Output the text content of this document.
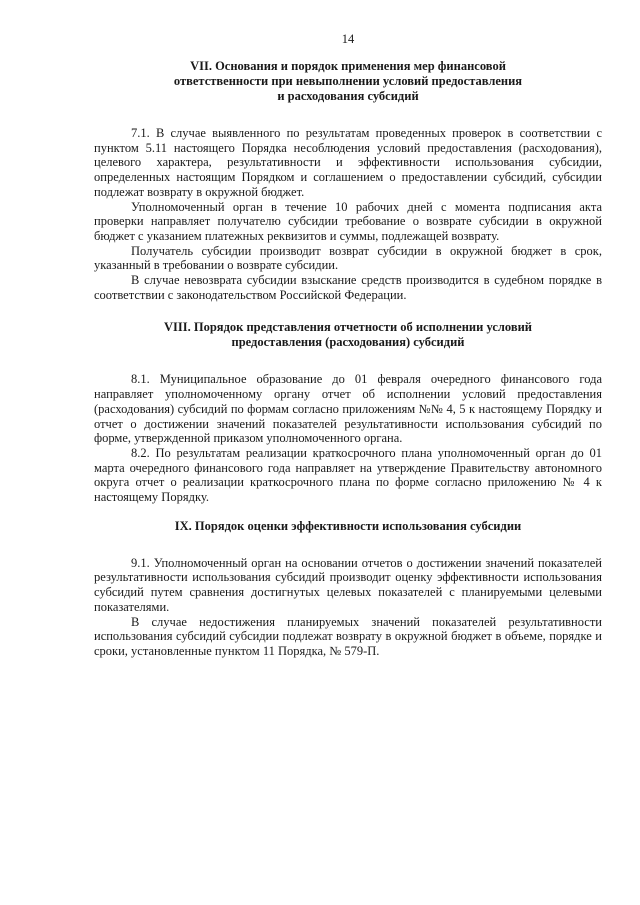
14
VII. Основания и порядок применения мер финансовой
ответственности при невыполнении условий предоставления
и расходования субсидий

7.1. В случае выявленного по результатам проведенных проверок в соответствии с пунктом 5.11 настоящего Порядка несоблюдения условий предоставления (расходования), целевого характера, результативности и эффективности использования субсидии, определенных настоящим Порядком и соглашением о предоставлении субсидий, субсидии подлежат возврату в окружной бюджет.

Уполномоченный орган в течение 10 рабочих дней с момента подписания акта проверки направляет получателю субсидии требование о возврате субсидии в окружной бюджет с указанием платежных реквизитов и суммы, подлежащей возврату.

Получатель субсидии производит возврат субсидии в окружной бюджет в срок, указанный в требовании о возврате субсидии.

В случае невозврата субсидии взыскание средств производится в судебном порядке в соответствии с законодательством Российской Федерации.

VIII. Порядок представления отчетности об исполнении условий
предоставления (расходования) субсидий

8.1. Муниципальное образование до 01 февраля очередного финансового года направляет уполномоченному органу отчет об исполнении условий предоставления (расходования) субсидий по формам согласно приложениям №№ 4, 5 к настоящему Порядку и отчет о достижении значений показателей результативности использования субсидий по форме, утвержденной приказом уполномоченного органа.

8.2. По результатам реализации краткосрочного плана уполномоченный орган до 01 марта очередного финансового года направляет на утверждение Правительству автономного округа отчет о реализации краткосрочного плана по форме согласно приложению № 4 к настоящему Порядку.

IX. Порядок оценки эффективности использования субсидии

9.1. Уполномоченный орган на основании отчетов о достижении значений показателей результативности использования субсидий производит оценку эффективности использования субсидий путем сравнения достигнутых целевых показателей с планируемыми целевыми показателями.

В случае недостижения планируемых значений показателей результативности использования субсидий субсидии подлежат возврату в окружной бюджет в объеме, порядке и сроки, установленные пунктом 11 Порядка, № 579-П.
